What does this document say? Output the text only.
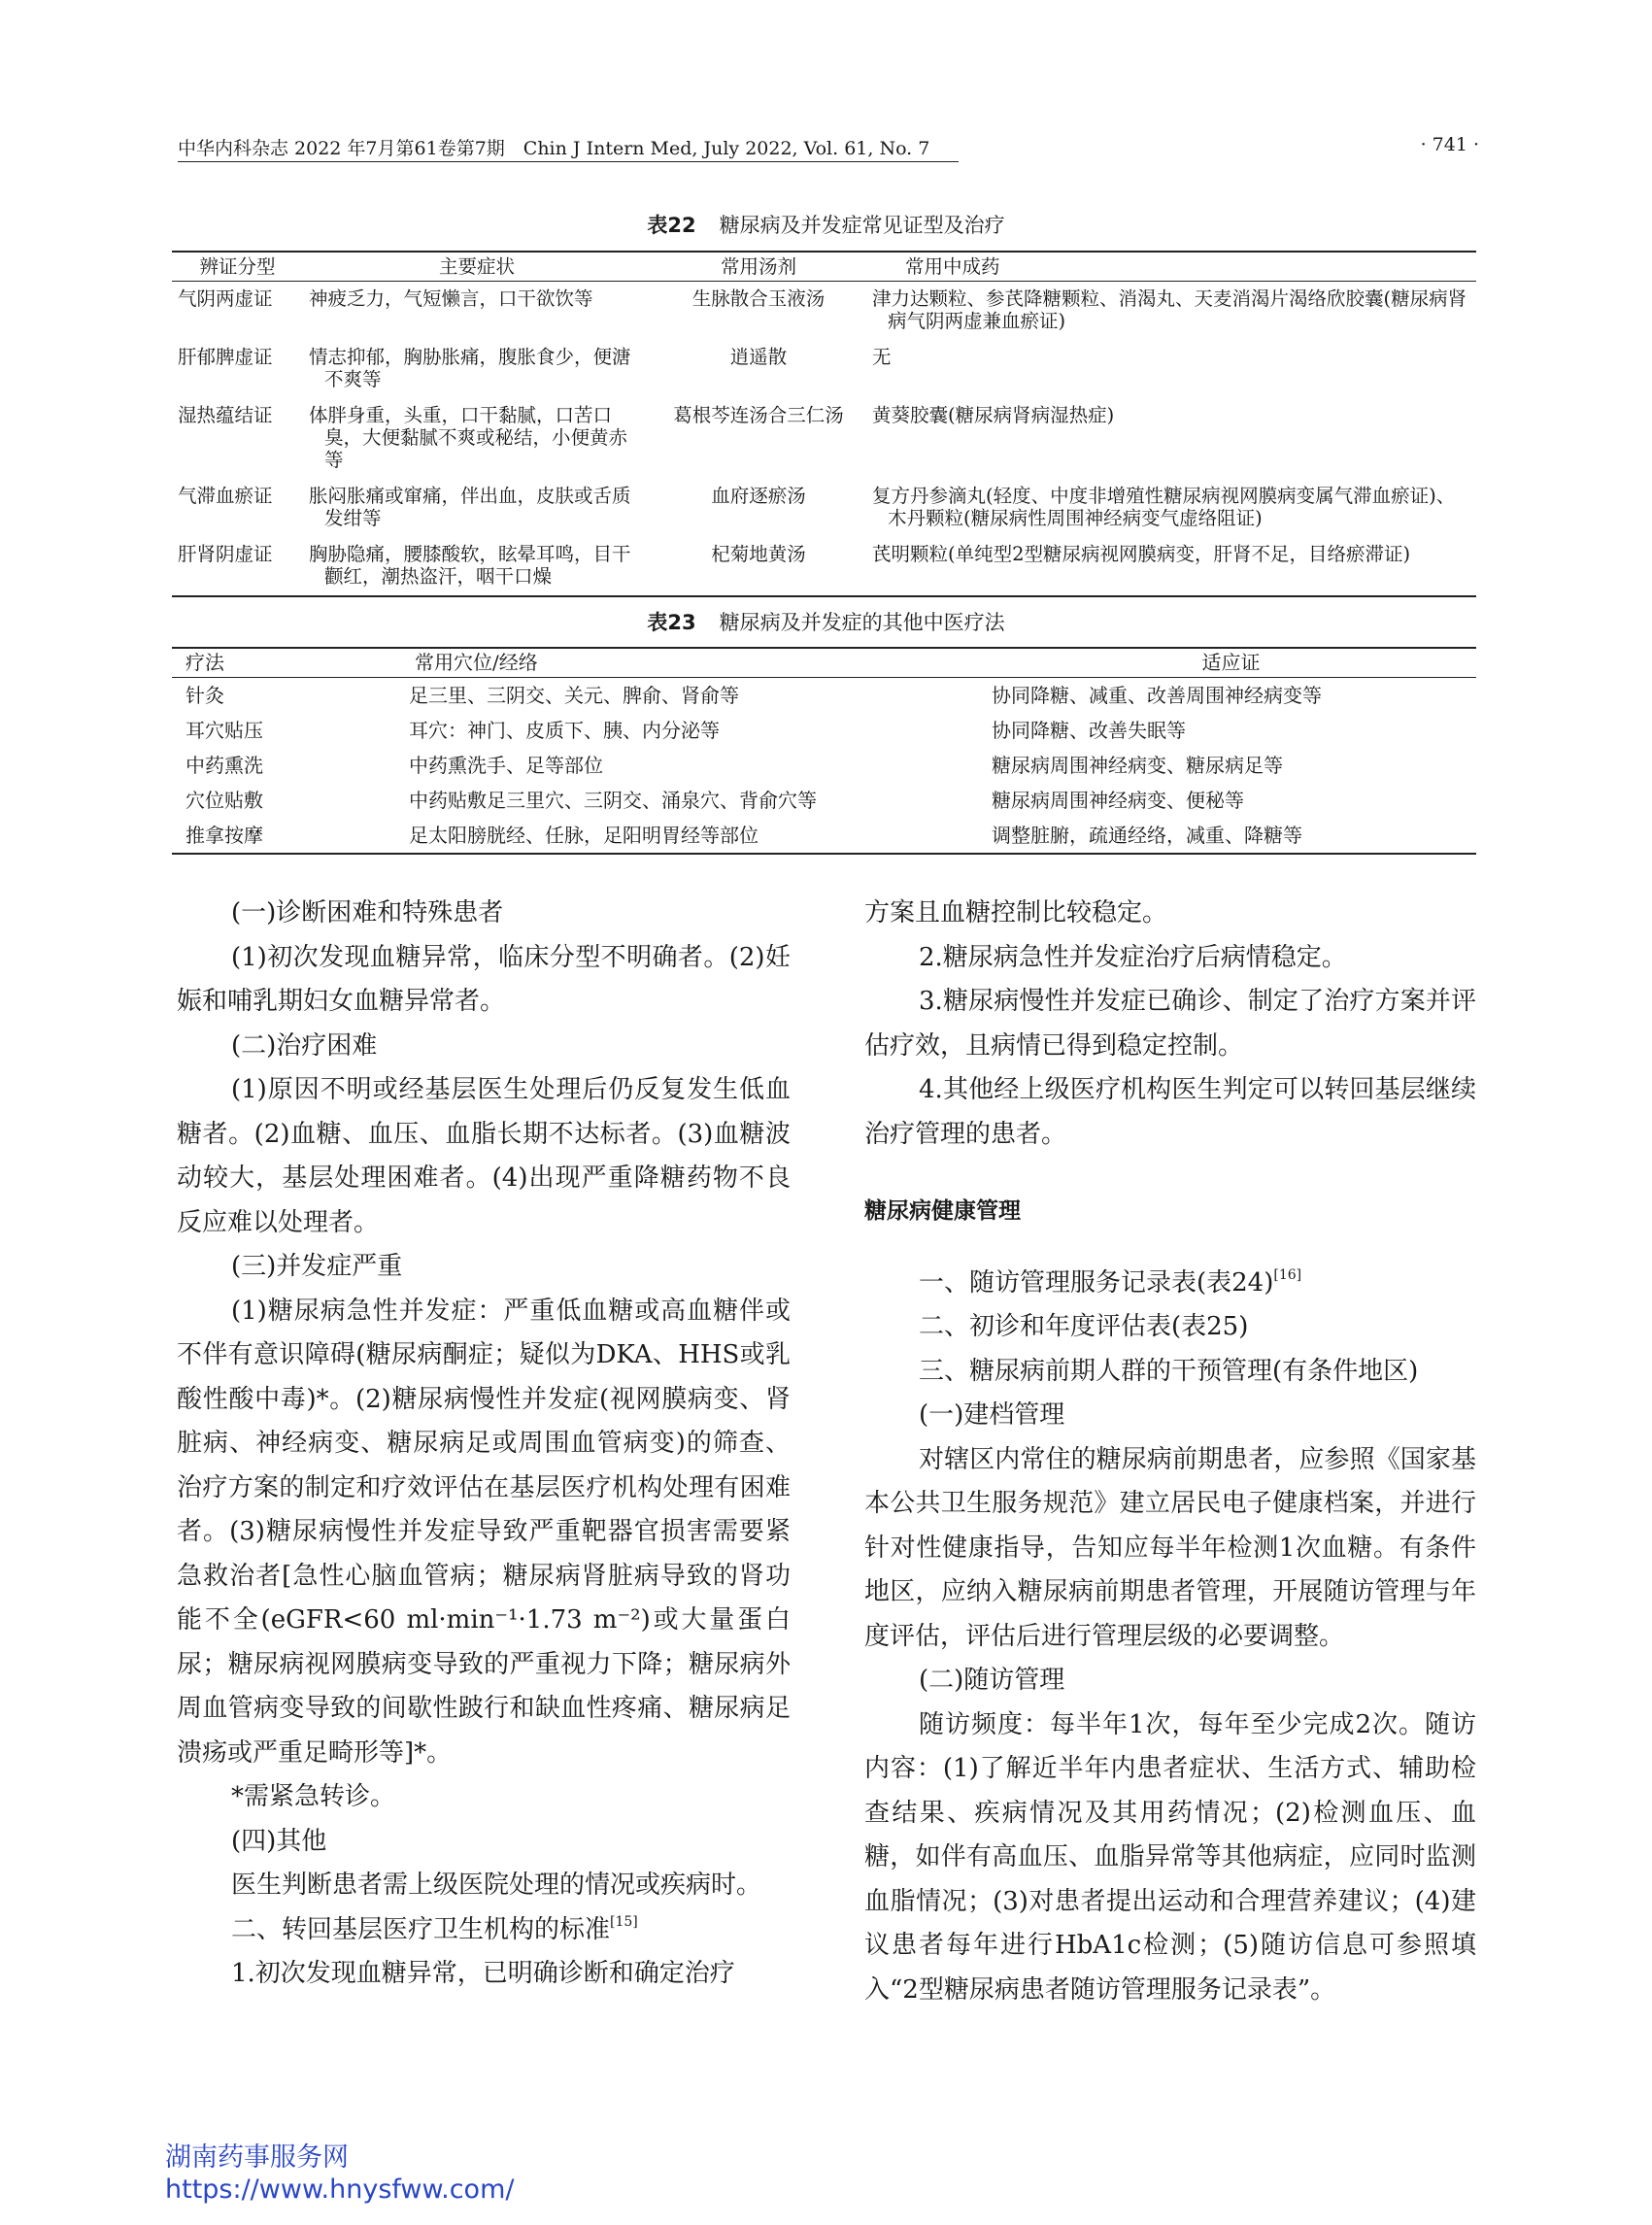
中华内科杂志 2022 年7月第61卷第7期　Chin J Intern Med, July 2022, Vol. 61, No. 7	· 741 ·
表22 糖尿病及并发症常见证型及治疗
辨证分型	主要症状	常用汤剂	常用中成药
气阴两虚证	神疲乏力，气短懒言，口干欲饮等	生脉散合玉液汤	津力达颗粒、参芪降糖颗粒、消渴丸、天麦消渴片渴络欣胶囊(糖尿病肾病气阴两虚兼血瘀证)
肝郁脾虚证	情志抑郁，胸胁胀痛，腹胀食少，便溏不爽等	逍遥散	无
湿热蕴结证	体胖身重，头重，口干黏腻，口苦口臭，大便黏腻不爽或秘结，小便黄赤等	葛根芩连汤合三仁汤	黄葵胶囊(糖尿病肾病湿热症)
气滞血瘀证	胀闷胀痛或窜痛，伴出血，皮肤或舌质发绀等	血府逐瘀汤	复方丹参滴丸(轻度、中度非增殖性糖尿病视网膜病变属气滞血瘀证)、木丹颗粒(糖尿病性周围神经病变气虚络阻证)
肝肾阴虚证	胸胁隐痛，腰膝酸软，眩晕耳鸣，目干颧红，潮热盗汗，咽干口燥	杞菊地黄汤	芪明颗粒(单纯型2型糖尿病视网膜病变，肝肾不足，目络瘀滞证)
表23 糖尿病及并发症的其他中医疗法
疗法	常用穴位/经络	适应证
针灸	足三里、三阴交、关元、脾俞、肾俞等	协同降糖、减重、改善周围神经病变等
耳穴贴压	耳穴：神门、皮质下、胰、内分泌等	协同降糖、改善失眠等
中药熏洗	中药熏洗手、足等部位	糖尿病周围神经病变、糖尿病足等
穴位贴敷	中药贴敷足三里穴、三阴交、涌泉穴、背俞穴等	糖尿病周围神经病变、便秘等
推拿按摩	足太阳膀胱经、任脉，足阳明胃经等部位	调整脏腑，疏通经络，减重、降糖等

(一)诊断困难和特殊患者

(1)初次发现血糖异常，临床分型不明确者。(2)妊娠和哺乳期妇女血糖异常者。

(二)治疗困难

(1)原因不明或经基层医生处理后仍反复发生低血糖者。(2)血糖、血压、血脂长期不达标者。(3)血糖波动较大，基层处理困难者。(4)出现严重降糖药物不良反应难以处理者。

(三)并发症严重

(1)糖尿病急性并发症：严重低血糖或高血糖伴或不伴有意识障碍(糖尿病酮症；疑似为DKA、HHS或乳酸性酸中毒)*。(2)糖尿病慢性并发症(视网膜病变、肾脏病、神经病变、糖尿病足或周围血管病变)的筛查、治疗方案的制定和疗效评估在基层医疗机构处理有困难者。(3)糖尿病慢性并发症导致严重靶器官损害需要紧急救治者[急性心脑血管病；糖尿病肾脏病导致的肾功能不全(eGFR<60 ml·min⁻¹·1.73 m⁻²)或大量蛋白尿；糖尿病视网膜病变导致的严重视力下降；糖尿病外周血管病变导致的间歇性跛行和缺血性疼痛、糖尿病足溃疡或严重足畸形等]*。

*需紧急转诊。

(四)其他

医生判断患者需上级医院处理的情况或疾病时。

二、转回基层医疗卫生机构的标准[15]

1.初次发现血糖异常，已明确诊断和确定治疗

方案且血糖控制比较稳定。

2.糖尿病急性并发症治疗后病情稳定。

3.糖尿病慢性并发症已确诊、制定了治疗方案并评估疗效，且病情已得到稳定控制。

4.其他经上级医疗机构医生判定可以转回基层继续治疗管理的患者。

糖尿病健康管理

一、随访管理服务记录表(表24)[16]

二、初诊和年度评估表(表25)

三、糖尿病前期人群的干预管理(有条件地区)

(一)建档管理

对辖区内常住的糖尿病前期患者，应参照《国家基本公共卫生服务规范》建立居民电子健康档案，并进行针对性健康指导，告知应每半年检测1次血糖。有条件地区，应纳入糖尿病前期患者管理，开展随访管理与年度评估，评估后进行管理层级的必要调整。

(二)随访管理

随访频度：每半年1次，每年至少完成2次。随访内容：(1)了解近半年内患者症状、生活方式、辅助检查结果、疾病情况及其用药情况；(2)检测血压、血糖，如伴有高血压、血脂异常等其他病症，应同时监测血脂情况；(3)对患者提出运动和合理营养建议；(4)建议患者每年进行HbA1c检测；(5)随访信息可参照填入“2型糖尿病患者随访管理服务记录表”。

湖南药事服务网
https://www.hnysfww.com/
